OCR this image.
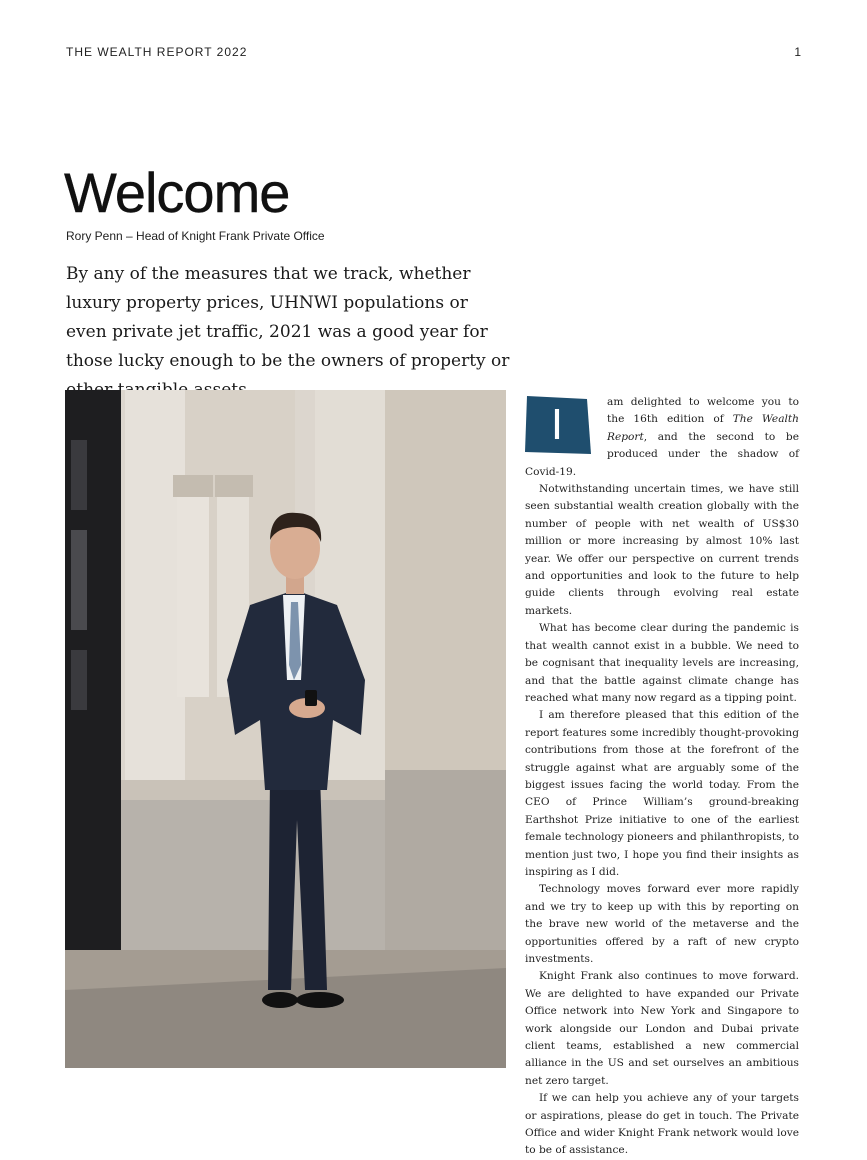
THE WEALTH REPORT 2022	1
Welcome
Rory Penn – Head of Knight Frank Private Office

By any of the measures that we track, whether luxury property prices, UHNWI populations or even private jet traffic, 2021 was a good year for those lucky enough to be the owners of property or

I	am delighted to welcome you to the 16th edition of The Wealth Report, and the second to be produced under the shadow of Covid-19.

Notwithstanding uncertain times, we have still seen substantial wealth creation globally with the number of people with net wealth of US$30 million or more increasing by almost 10% last year. We offer our perspective on current trends and opportunities and look to the future to help guide clients through evolving real estate markets.

What has become clear during the pandemic is that wealth cannot exist in a bubble. We need to be cognisant that inequality levels are increasing, and that the battle against climate change has reached what many now regard as a tipping point.

I am therefore pleased that this edition of the report features some incredibly thought-provoking contributions from those at the forefront of the struggle against what are arguably some of the biggest issues facing the world today. From the CEO of Prince William’s ground-breaking Earthshot Prize initiative to one of the earliest female technology pioneers and philanthropists, to mention just two, I hope you find their insights as inspiring as I did.

Technology moves forward ever more rapidly and we try to keep up with this by reporting on the brave new world of the metaverse and the opportunities offered by a raft of new crypto investments.

Knight Frank also continues to move forward. We are delighted to have expanded our Private Office network into New York and Singapore to work alongside our London and Dubai private client teams, established a new commercial alliance in the US and set ourselves an ambitious net zero target.

If we can help you achieve any of your targets or aspirations, please do get in touch. The Private Office and wider Knight Frank network would love to be of assistance.
